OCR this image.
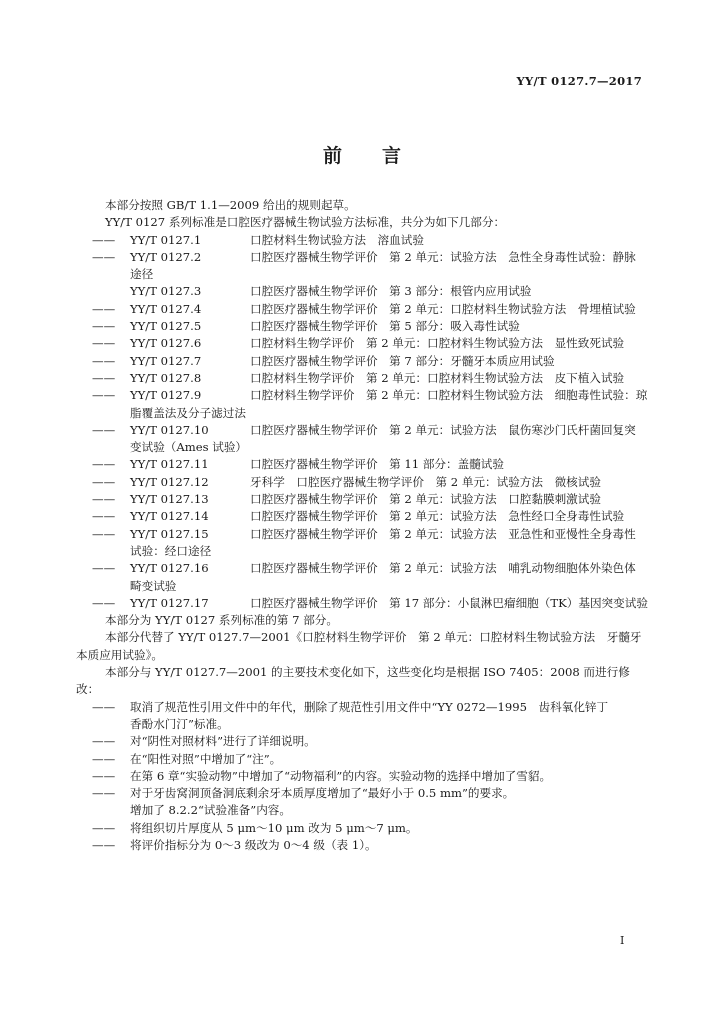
YY/T 0127.7—2017
前言

本部分按照 GB/T 1.1—2009 给出的规则起草。

YY/T 0127 系列标准是口腔医疗器械生物试验方法标准，共分为如下几部分：

——	YY/T 0127.1	口腔材料生物试验方法　溶血试验

——	YY/T 0127.2	口腔医疗器械生物学评价　第 2 单元：试验方法　急性全身毒性试验：静脉

途径

YY/T 0127.3	口腔医疗器械生物学评价　第 3 部分：根管内应用试验

——	YY/T 0127.4	口腔医疗器械生物学评价　第 2 单元：口腔材料生物试验方法　骨埋植试验

——	YY/T 0127.5	口腔医疗器械生物学评价　第 5 部分：吸入毒性试验

——	YY/T 0127.6	口腔材料生物学评价　第 2 单元：口腔材料生物试验方法　显性致死试验

——	YY/T 0127.7	口腔医疗器械生物学评价　第 7 部分：牙髓牙本质应用试验

——	YY/T 0127.8	口腔材料生物学评价　第 2 单元：口腔材料生物试验方法　皮下植入试验

——	YY/T 0127.9	口腔材料生物学评价　第 2 单元：口腔材料生物试验方法　细胞毒性试验：琼

脂覆盖法及分子滤过法

——	YY/T 0127.10	口腔医疗器械生物学评价　第 2 单元：试验方法　鼠伤寒沙门氏杆菌回复突

变试验（Ames 试验）

——	YY/T 0127.11	口腔医疗器械生物学评价　第 11 部分：盖髓试验

——	YY/T 0127.12	牙科学　口腔医疗器械生物学评价　第 2 单元：试验方法　微核试验

——	YY/T 0127.13	口腔医疗器械生物学评价　第 2 单元：试验方法　口腔黏膜刺激试验

——	YY/T 0127.14	口腔医疗器械生物学评价　第 2 单元：试验方法　急性经口全身毒性试验

——	YY/T 0127.15	口腔医疗器械生物学评价　第 2 单元：试验方法　亚急性和亚慢性全身毒性

试验：经口途径

——	YY/T 0127.16	口腔医疗器械生物学评价　第 2 单元：试验方法　哺乳动物细胞体外染色体

畸变试验

——	YY/T 0127.17	口腔医疗器械生物学评价　第 17 部分：小鼠淋巴瘤细胞（TK）基因突变试验

本部分为 YY/T 0127 系列标准的第 7 部分。

本部分代替了 YY/T 0127.7—2001《口腔材料生物学评价　第 2 单元：口腔材料生物试验方法　牙髓牙本质应用试验》。

本部分与 YY/T 0127.7—2001 的主要技术变化如下，这些变化均是根据 ISO 7405：2008 而进行修改：

——	取消了规范性引用文件中的年代，删除了规范性引用文件中“YY 0272—1995　齿科氧化锌丁

香酚水门汀”标准。

——	对“阴性对照材料”进行了详细说明。

——	在“阳性对照”中增加了“注”。

——	在第 6 章“实验动物”中增加了“动物福利”的内容。实验动物的选择中增加了雪貂。

——	对于牙齿窝洞顶备洞底剩余牙本质厚度增加了“最好小于 0.5 mm”的要求。

增加了 8.2.2“试验准备”内容。

——	将组织切片厚度从 5 μm～10 μm 改为 5 μm～7 μm。

——	将评价指标分为 0～3 级改为 0～4 级（表 1）。

I
